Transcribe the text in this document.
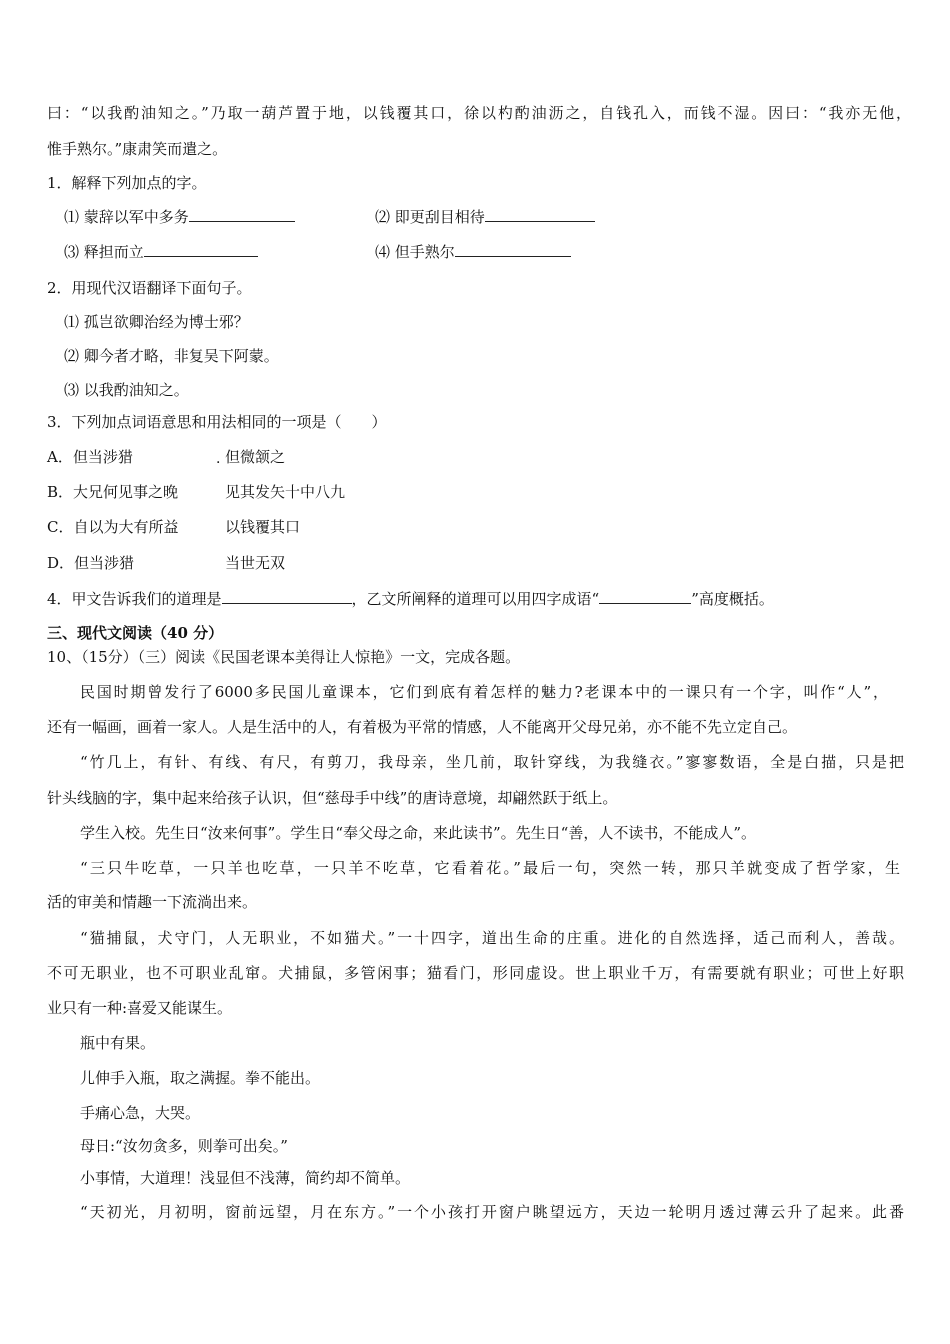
曰：“以我酌油知之。”乃取一葫芦置于地，以钱覆其口，徐以杓酌油沥之，自钱孔入，而钱不湿。因曰：“我亦无他，
惟手熟尔。”康肃笑而遣之。
1．解释下列加点的字。
⑴ 蒙辞以军中多务	⑵ 即更刮目相待
⑶ 释担而立	⑷ 但手熟尔
2．用现代汉语翻译下面句子。
⑴ 孤岂欲卿治经为博士邪？
⑵ 卿今者才略，非复吴下阿蒙。
⑶ 以我酌油知之。
3．下列加点词语意思和用法相同的一项是（　　）
A．但当涉猎	· 但微颔之
B．大兄何见事之晚	见其发矢十中八九
C．自以为大有所益	以钱覆其口
D．但当涉猎	当世无双
4．甲文告诉我们的道理是	，乙文所阐释的道理可以用四字成语“	”高度概括。
三、现代文阅读（40 分）
10、（15分）（三）阅读《民国老课本美得让人惊艳》一文，完成各题。
民国时期曾发行了6000多民国儿童课本，它们到底有着怎样的魅力?老课本中的一课只有一个字，叫作“人”，
还有一幅画，画着一家人。人是生活中的人，有着极为平常的情感，人不能离开父母兄弟，亦不能不先立定自己。
“竹几上，有针、有线、有尺，有剪刀，我母亲，坐几前，取针穿线，为我缝衣。”寥寥数语，全是白描，只是把
针头线脑的字，集中起来给孩子认识，但“慈母手中线”的唐诗意境，却翩然跃于纸上。
学生入校。先生日“汝来何事”。学生日“奉父母之命，来此读书”。先生日“善，人不读书，不能成人”。
“三只牛吃草，一只羊也吃草，一只羊不吃草，它看着花。”最后一句，突然一转，那只羊就变成了哲学家，生
活的审美和情趣一下流淌出来。
“猫捕鼠，犬守门，人无职业，不如猫犬。”一十四字，道出生命的庄重。进化的自然选择，适己而利人，善哉。
不可无职业，也不可职业乱窜。犬捕鼠，多管闲事；猫看门，形同虚设。世上职业千万，有需要就有职业；可世上好职
业只有一种:喜爱又能谋生。
瓶中有果。
儿伸手入瓶，取之满握。拳不能出。
手痛心急，大哭。
母日:“汝勿贪多，则拳可出矣。”
小事情，大道理！浅显但不浅薄，简约却不简单。
“天初光，月初明，窗前远望，月在东方。”一个小孩打开窗户眺望远方，天边一轮明月透过薄云升了起来。此番
